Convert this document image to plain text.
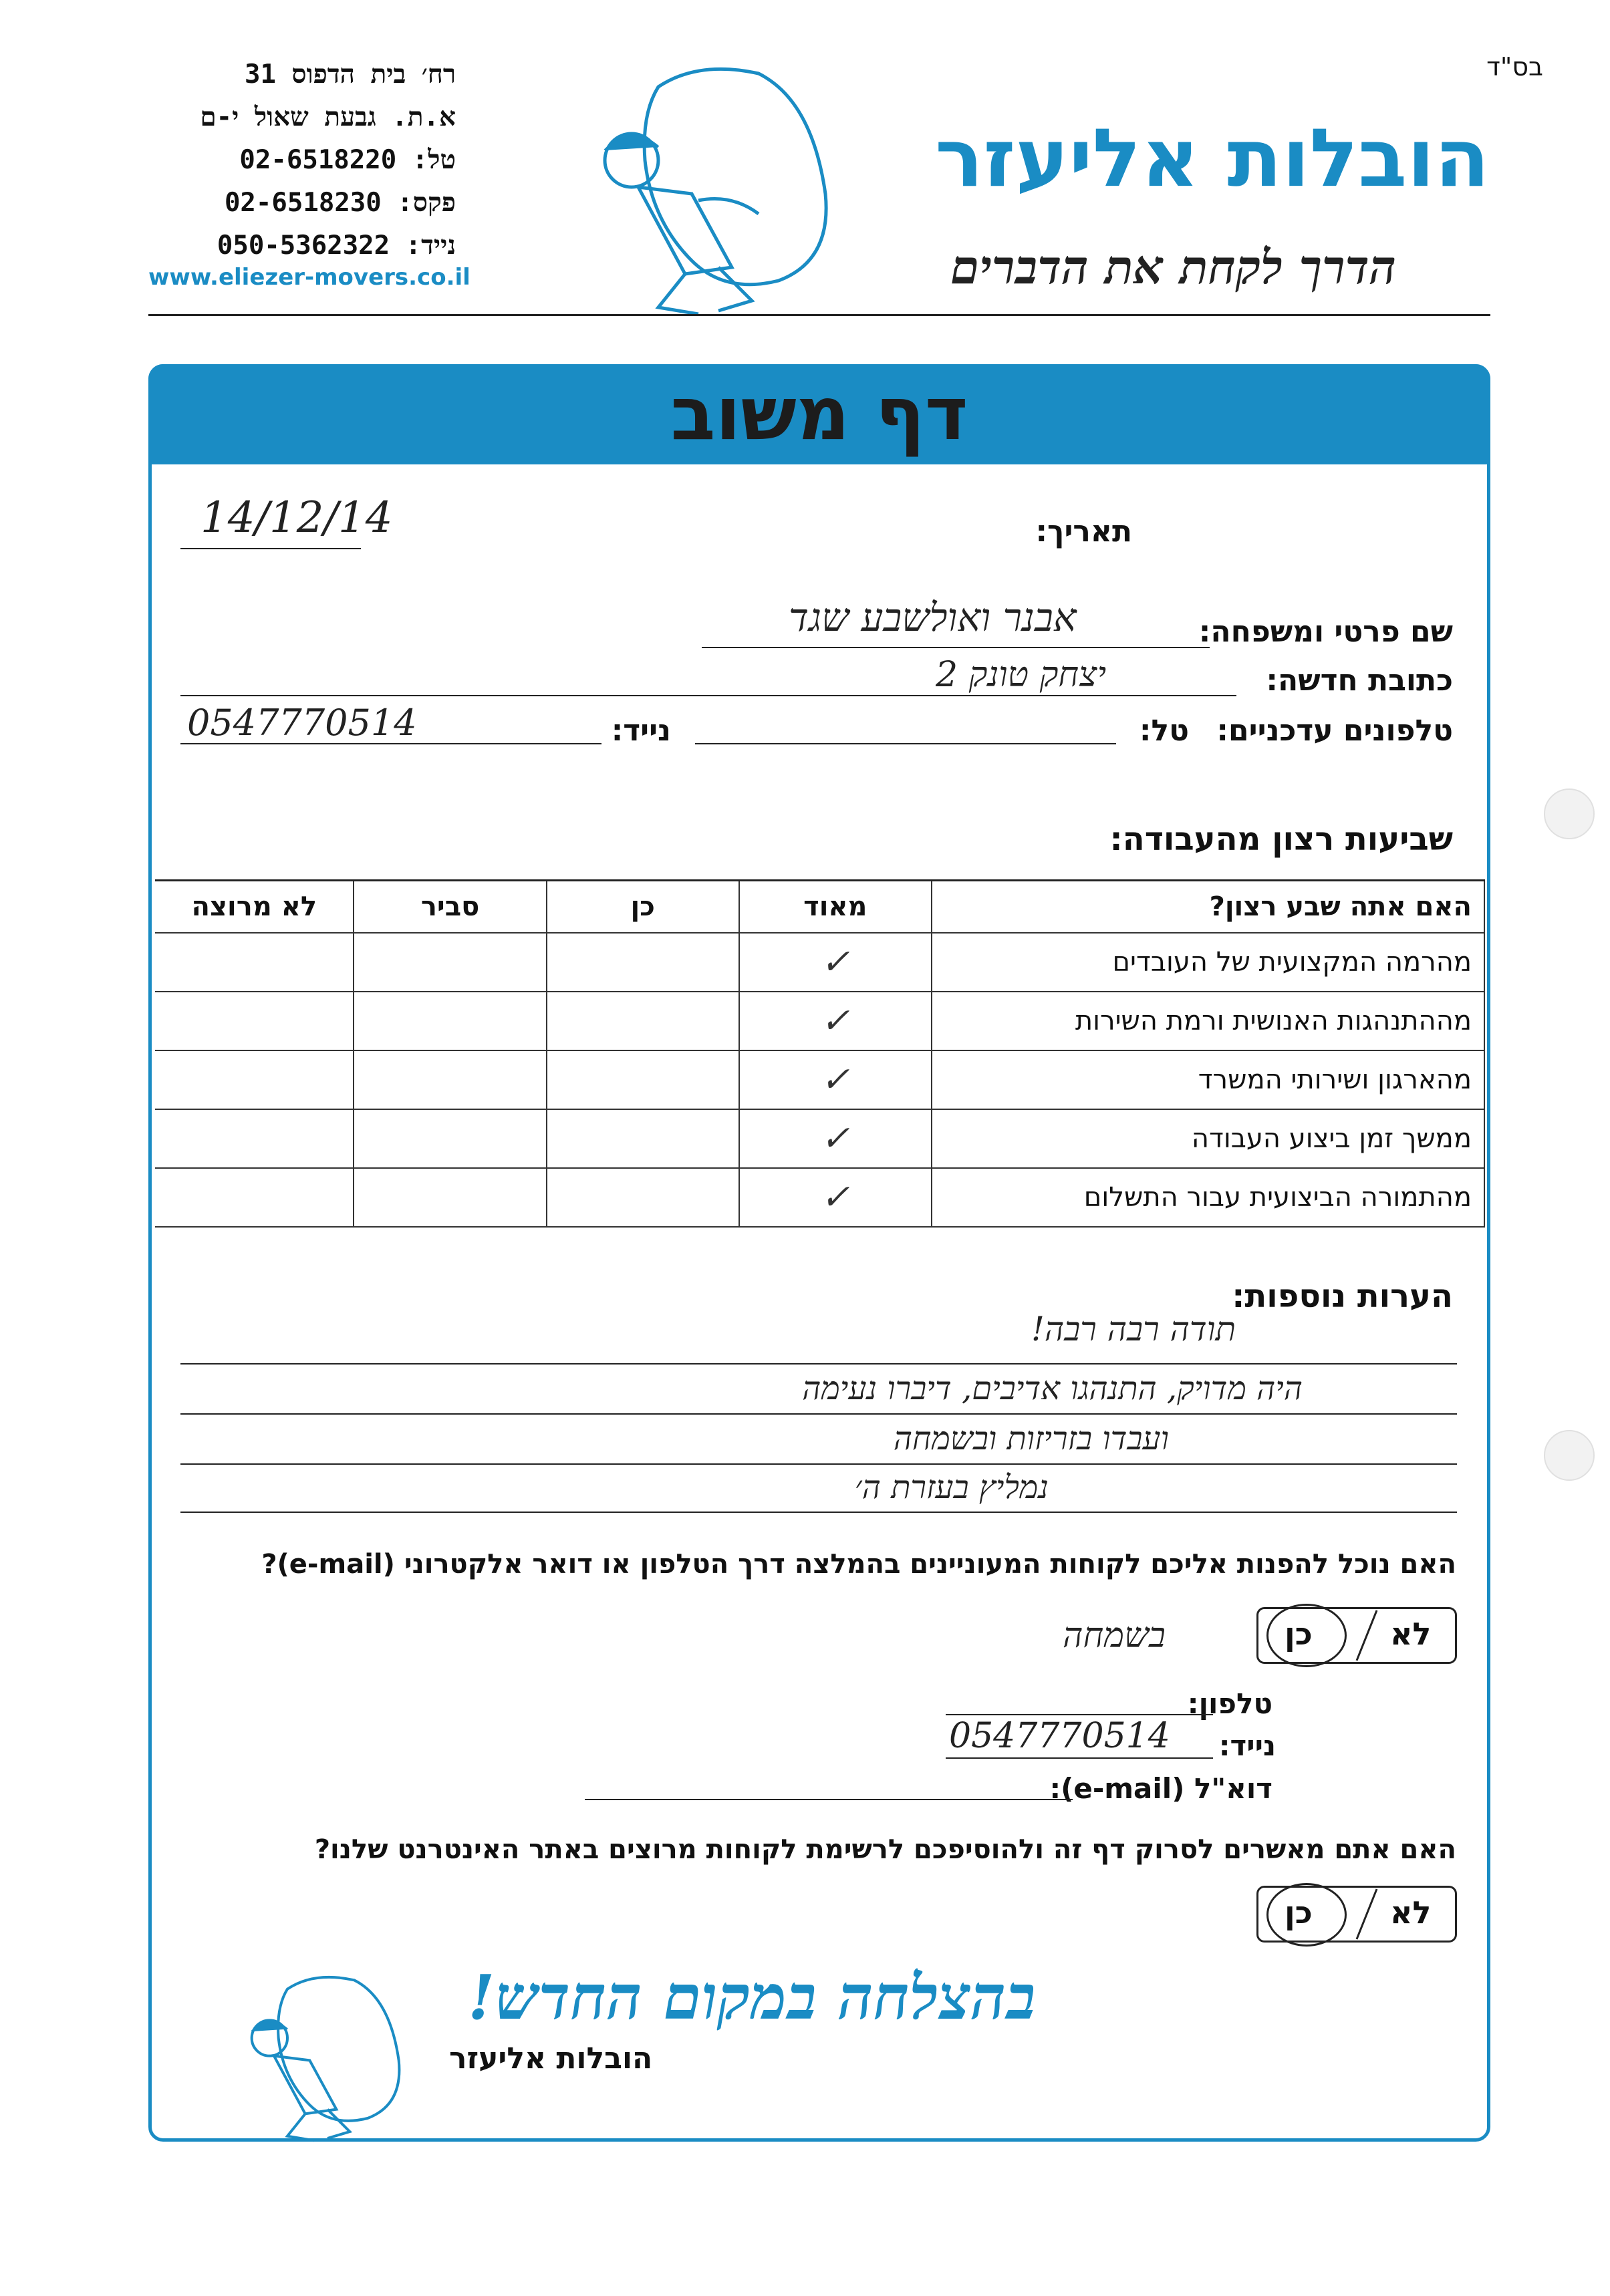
בס"ד
רח׳ בית הדפוס 31
א.ת. גבעת שאול י-ם
טל: 02-6518220
פקס: 02-6518230
נייד: 050-5362322
www.eliezer-movers.co.il
הובלות אליעזר
הדרך לקחת את הדברים
דף משוב
תאריך:
14/12/14
שם פרטי ומשפחה:
אבנר ואולשבע שגד
כתובת חדשה:
יצחק טונק 2
טלפונים עדכניים:
טל:
נייד:
0547770514
שביעות רצון מהעבודה:
האם אתה שבע רצון?	מאוד	כן	סביר	לא מרוצה
מהרמה המקצועית של העובדים	✓			
מההתנהגות האנושית ורמת השירות	✓			
מהארגון ושירותי המשרד	✓			
ממשך זמן ביצוע העבודה	✓			
מהתמורה הביצועית עבור התשלום	✓			
הערות נוספות:
תודה רבה רבה!
היה מדויק, התנהגו אדיבים, דיברו נעימה
ועבדו בזריזות ובשמחה
נמליץ בעזרת ה׳
האם נוכל להפנות אליכם לקוחות המעוניינים בהמלצה דרך הטלפון או דואר אלקטרוני (e-mail)?
לא
כן
בשמחה
טלפון:
נייד:
0547770514
דוא"ל (e-mail):
האם אתם מאשרים לסרוק דף זה ולהוסיפכם לרשימת לקוחות מרוצים באתר האינטרנט שלנו?
לא
כן
בהצלחה במקום החדש!
הובלות אליעזר
